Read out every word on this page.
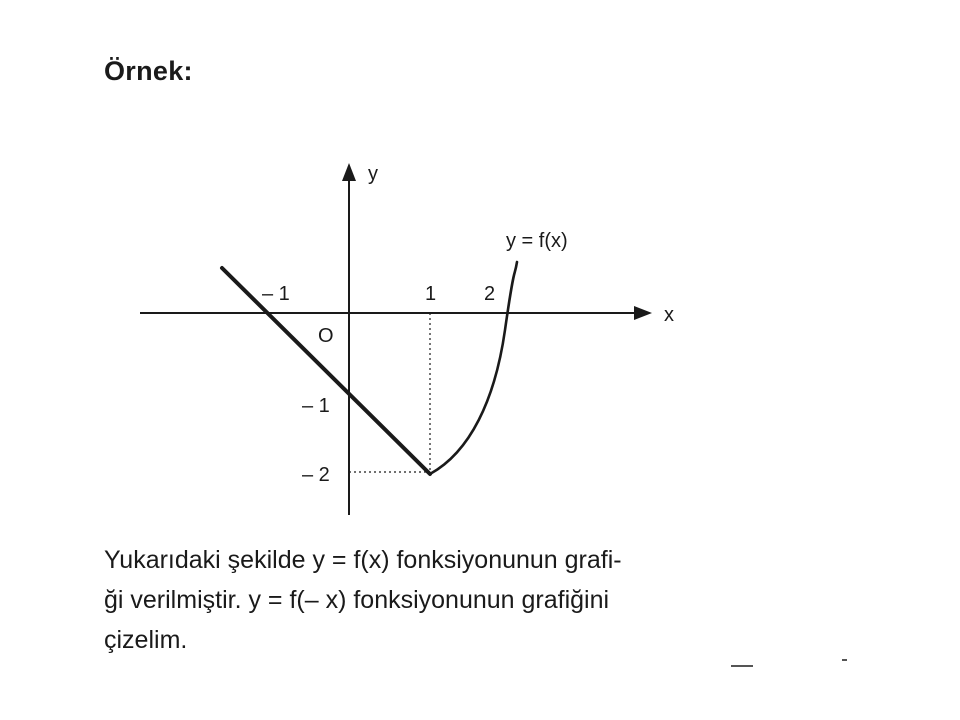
Örnek:
y
x
O
y = f(x)
– 1	1 2
– 1
– 2
Yukarıdaki şekilde y = f(x) fonksiyonunun grafi-
ği verilmiştir. y = f(– x) fonksiyonunun grafiğini
çizelim.
